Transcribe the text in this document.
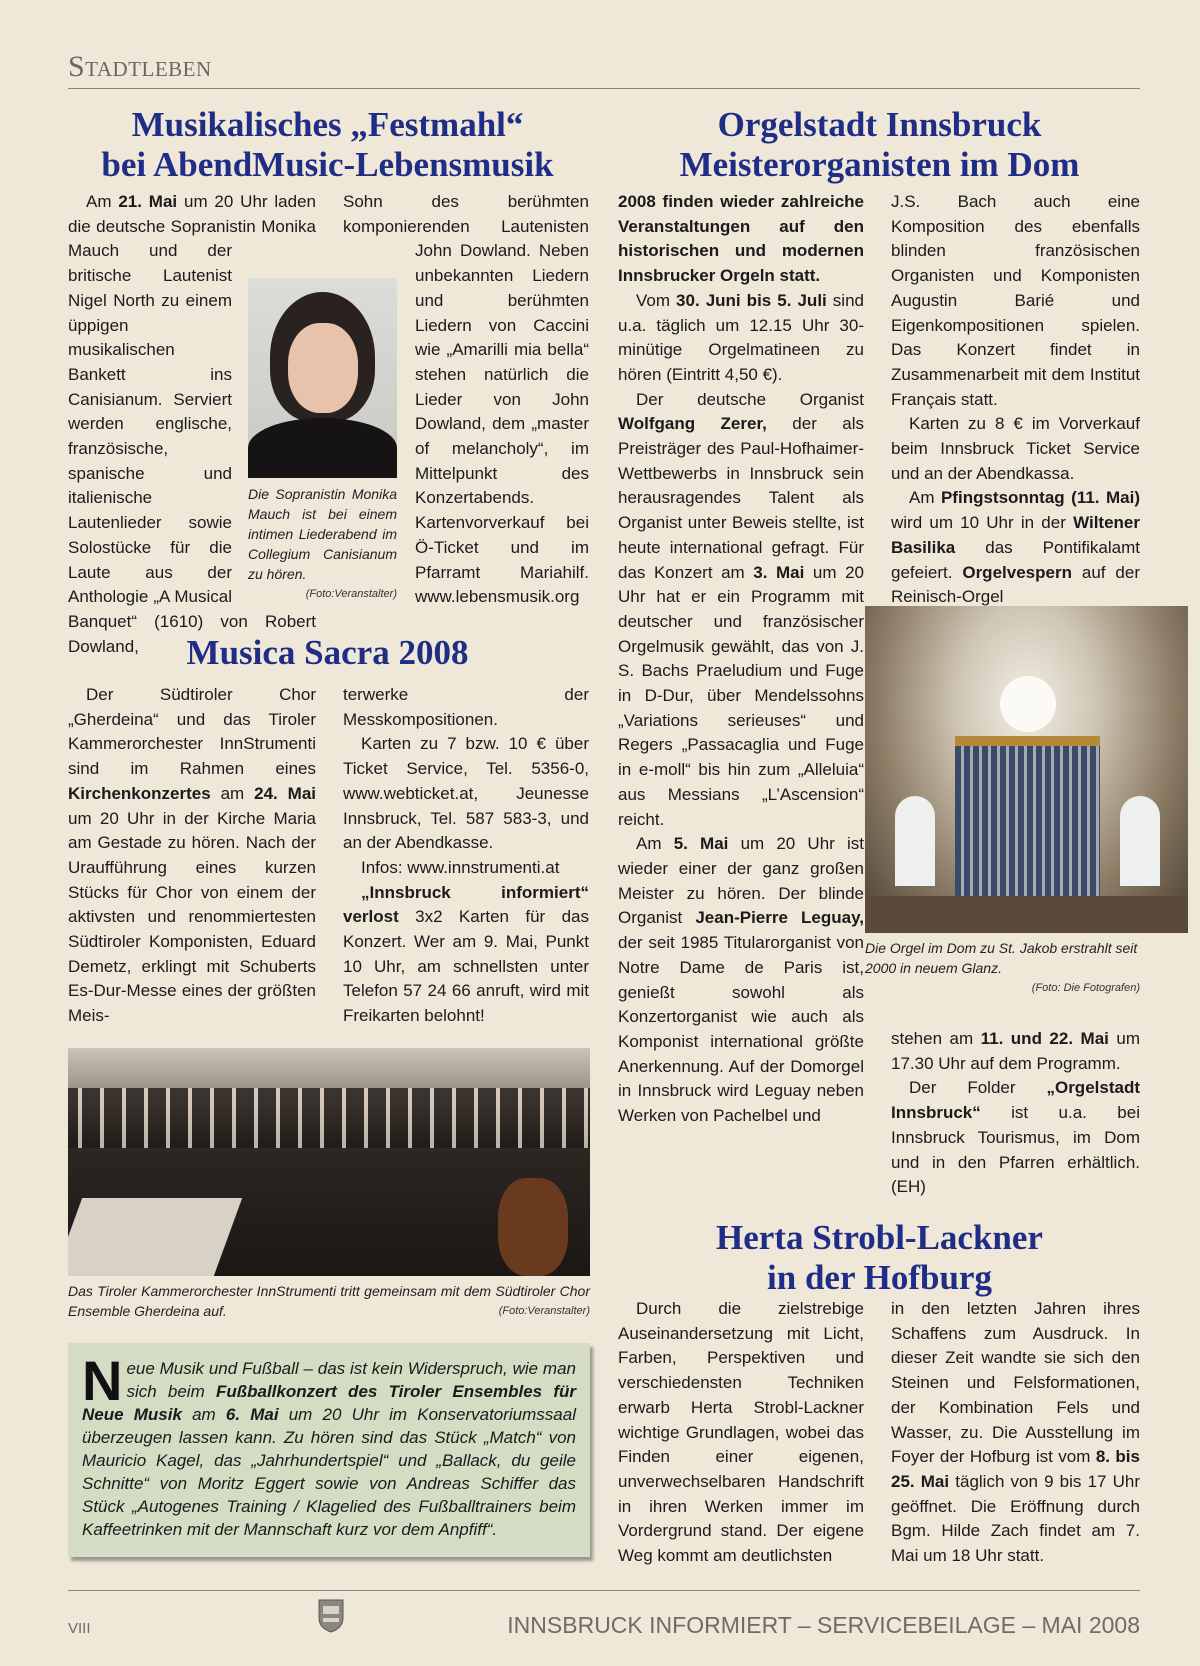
Stadtleben
Musikalisches „Festmahl“
bei AbendMusic-Lebensmusik

Am 21. Mai um 20 Uhr laden die deutsche Sopranistin Monika Mauch und der britische Lautenist Nigel North zu einem üppigen musikalischen Bankett ins Canisianum. Serviert werden englische, französische, spanische und italienische Lautenlieder sowie Solostücke für die Laute aus der Anthologie „A Musical Banquet“ (1610) von Robert Dowland,

Sohn des berühmten komponierenden Lautenisten John Dowland. Neben unbekannten Liedern und berühmten Liedern von Caccini wie „Amarilli mia bella“ stehen natürlich die Lieder von John Dowland, dem „master of melancholy“, im Mittelpunkt des Konzertabends. Kartenvorverkauf bei Ö-Ticket und im Pfarramt Mariahilf. www.lebensmusik.org

Die Sopranistin Monika Mauch ist bei einem intimen Liederabend im Collegium Canisianum zu hören.
(Foto:Veranstalter)
Musica Sacra 2008

Der Südtiroler Chor „Gherdeina“ und das Tiroler Kammerorchester InnStrumenti sind im Rahmen eines Kirchenkonzertes am 24. Mai um 20 Uhr in der Kirche Maria am Gestade zu hören. Nach der Uraufführung eines kurzen Stücks für Chor von einem der aktivsten und renommiertesten Südtiroler Komponisten, Eduard Demetz, erklingt mit Schuberts Es-Dur-Messe eines der größten Meis-

terwerke der Messkompositionen.

Karten zu 7 bzw. 10 € über Ticket Service, Tel. 5356-0, www.webticket.at, Jeunesse Innsbruck, Tel. 587 583-3, und an der Abendkasse.

Infos: www.innstrumenti.at

„Innsbruck informiert“ verlost 3x2 Karten für das Konzert. Wer am 9. Mai, Punkt 10 Uhr, am schnellsten unter Telefon 57 24 66 anruft, wird mit Freikarten belohnt!

Das Tiroler Kammerorchester InnStrumenti tritt gemeinsam mit dem Südtiroler Chor Ensemble Gherdeina auf.	(Foto:Veranstalter)
N eue Musik und Fußball – das ist kein Widerspruch, wie man sich beim Fußballkonzert des Tiroler Ensembles für Neue Musik am 6. Mai um 20 Uhr im Konservatoriumssaal überzeugen lassen kann. Zu hören sind das Stück „Match“ von Mauricio Kagel, das „Jahrhundertspiel“ und „Ballack, du geile Schnitte“ von Moritz Eggert sowie von Andreas Schiffer das Stück „Autogenes Training / Klagelied des Fußballtrainers beim Kaffeetrinken mit der Mannschaft kurz vor dem Anpfiff“.
Orgelstadt Innsbruck
Meisterorganisten im Dom

2008 finden wieder zahlreiche Veranstaltungen auf den historischen und modernen Innsbrucker Orgeln statt.

Vom 30. Juni bis 5. Juli sind u.a. täglich um 12.15 Uhr 30-minütige Orgelmatineen zu hören (Eintritt 4,50 €).

Der deutsche Organist Wolfgang Zerer, der als Preisträger des Paul-Hofhaimer-Wettbewerbs in Innsbruck sein herausragendes Talent als Organist unter Beweis stellte, ist heute international gefragt. Für das Konzert am 3. Mai um 20 Uhr hat er ein Programm mit deutscher und französischer Orgelmusik gewählt, das von J. S. Bachs Praeludium und Fuge in D-Dur, über Mendelssohns „Variations serieuses“ und Regers „Passacaglia und Fuge in e-moll“ bis hin zum „Alleluia“ aus Messians „L’Ascension“ reicht.

Am 5. Mai um 20 Uhr ist wieder einer der ganz großen Meister zu hören. Der blinde Organist Jean-Pierre Leguay, der seit 1985 Titularorganist von Notre Dame de Paris ist, genießt sowohl als Konzertorganist wie auch als Komponist international größte Anerkennung. Auf der Domorgel in Innsbruck wird Leguay neben Werken von Pachelbel und

J.S. Bach auch eine Komposition des ebenfalls blinden französischen Organisten und Komponisten Augustin Barié und Eigenkompositionen spielen. Das Konzert findet in Zusammenarbeit mit dem Institut Français statt.

Karten zu 8 € im Vorverkauf beim Innsbruck Ticket Service und an der Abendkassa.

Am Pfingstsonntag (11. Mai) wird um 10 Uhr in der Wiltener Basilika das Pontifikalamt gefeiert. Orgelvespern auf der Reinisch-Orgel

Die Orgel im Dom zu St. Jakob erstrahlt seit 2000 in neuem Glanz.
(Foto: Die Fotografen)

stehen am 11. und 22. Mai um 17.30 Uhr auf dem Programm.

Der Folder „Orgelstadt Innsbruck“ ist u.a. bei Innsbruck Tourismus, im Dom und in den Pfarren erhältlich. (EH)

Herta Strobl-Lackner
in der Hofburg

Durch die zielstrebige Auseinandersetzung mit Licht, Farben, Perspektiven und verschiedensten Techniken erwarb Herta Strobl-Lackner wichtige Grundlagen, wobei das Finden einer eigenen, unverwechselbaren Handschrift in ihren Werken immer im Vordergrund stand. Der eigene Weg kommt am deutlichsten

in den letzten Jahren ihres Schaffens zum Ausdruck. In dieser Zeit wandte sie sich den Steinen und Felsformationen, der Kombination Fels und Wasser, zu. Die Ausstellung im Foyer der Hofburg ist vom 8. bis 25. Mai täglich von 9 bis 17 Uhr geöffnet. Die Eröffnung durch Bgm. Hilde Zach findet am 7. Mai um 18 Uhr statt.

VIII	INNSBRUCK INFORMIERT – SERVICEBEILAGE – MAI 2008
